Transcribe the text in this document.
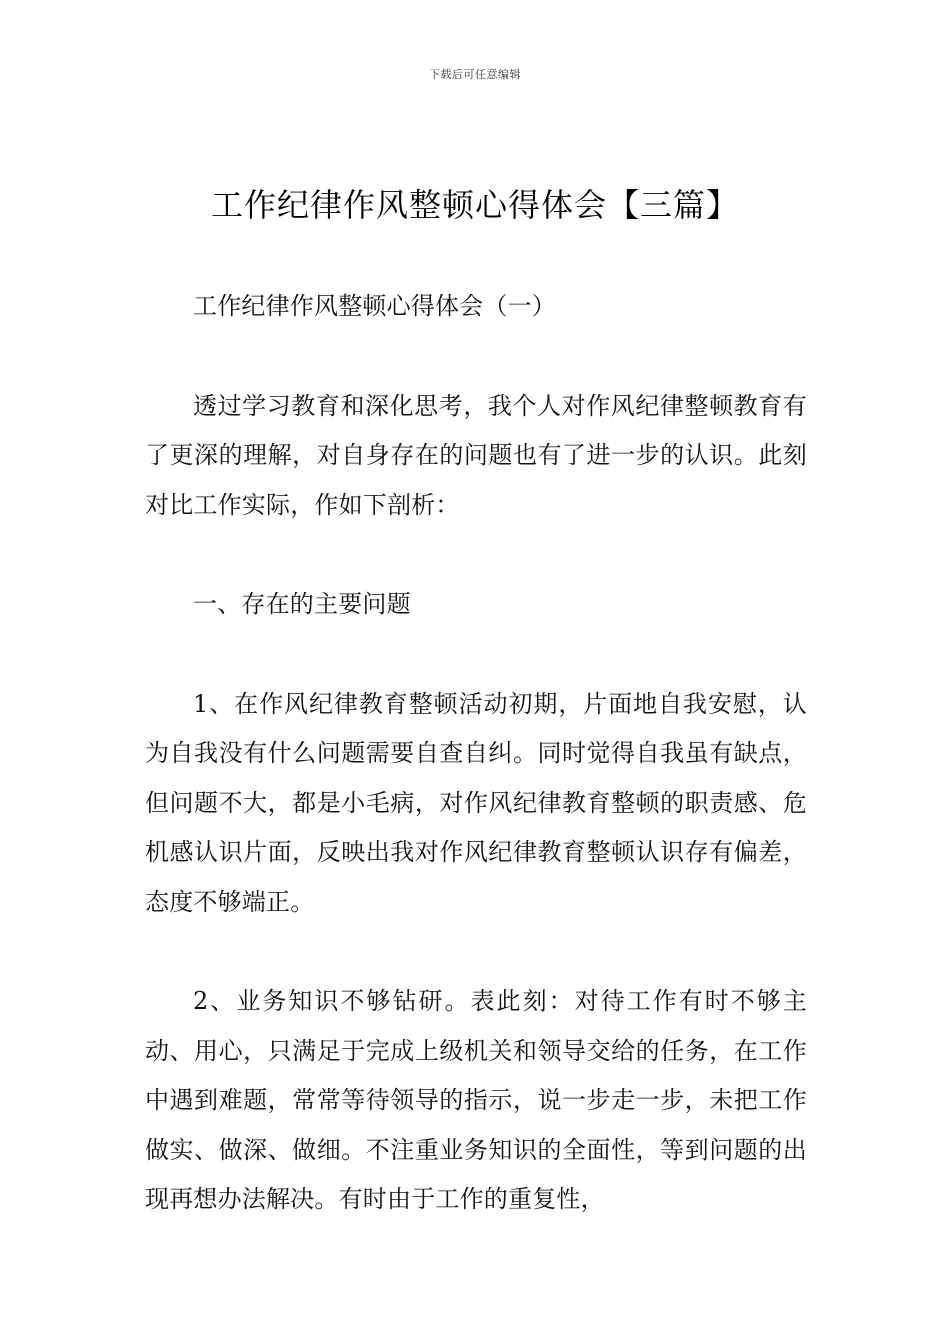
下载后可任意编辑
工作纪律作风整顿心得体会【三篇】

工作纪律作风整顿心得体会（一）

透过学习教育和深化思考，我个人对作风纪律整顿教育有了更深的理解，对自身存在的问题也有了进一步的认识。此刻对比工作实际，作如下剖析：

一、存在的主要问题

1、在作风纪律教育整顿活动初期，片面地自我安慰，认为自我没有什么问题需要自查自纠。同时觉得自我虽有缺点，但问题不大，都是小毛病，对作风纪律教育整顿的职责感、危机感认识片面，反映出我对作风纪律教育整顿认识存有偏差，态度不够端正。

2、业务知识不够钻研。表此刻：对待工作有时不够主动、用心，只满足于完成上级机关和领导交给的任务，在工作中遇到难题，常常等待领导的指示，说一步走一步，未把工作做实、做深、做细。不注重业务知识的全面性，等到问题的出现再想办法解决。有时由于工作的重复性，
